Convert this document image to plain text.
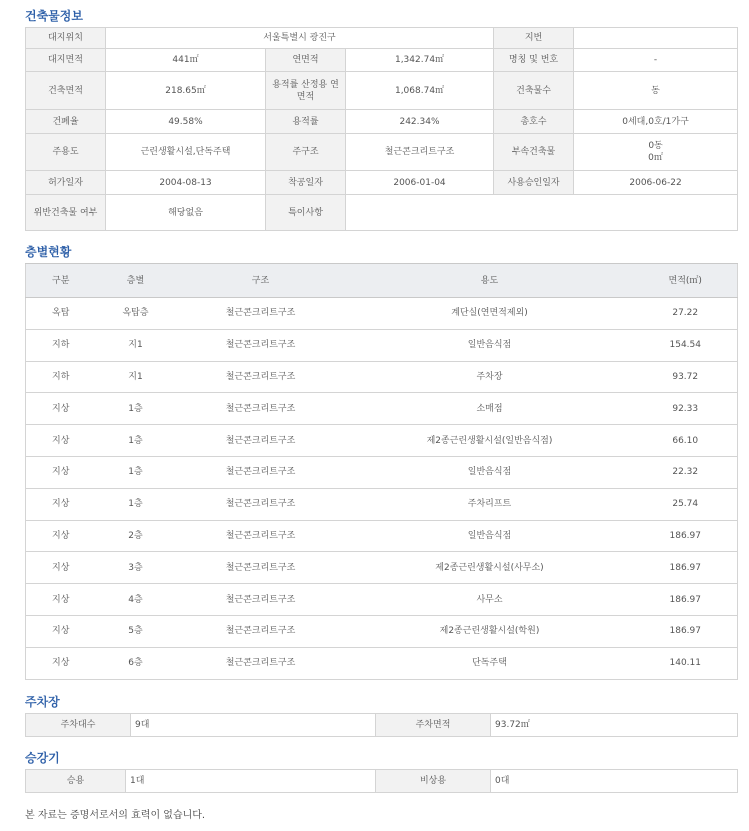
건축물정보
대지위치	서울특별시 광진구			지번	
대지면적	441㎡	연면적	1,342.74㎡	명칭 및 번호	-
건축면적	218.65㎡	용적률 산정용 연면적	1,068.74㎡	건축물수	동
건폐율	49.58%	용적률	242.34%	총호수	0세대,0호/1가구
주용도	근린생활시설,단독주택	주구조	철근콘크리트구조	부속건축물	0동
0㎡

허가일자	2004-08-13	착공일자	2006-01-04	사용승인일자	2006-06-22
위반건축물 여부	해당없음	특이사항			
층별현황
구분	층별	구조	용도	면적(㎡)
옥탑	옥탑층	철근콘크리트구조	계단실(연면적제외)	27.22
지하	지1	철근콘크리트구조	일반음식점	154.54
지하	지1	철근콘크리트구조	주차장	93.72
지상	1층	철근콘크리트구조	소매점	92.33
지상	1층	철근콘크리트구조	제2종근린생활시설(일반음식점)	66.10
지상	1층	철근콘크리트구조	일반음식점	22.32
지상	1층	철근콘크리트구조	주차리프트	25.74
지상	2층	철근콘크리트구조	일반음식점	186.97
지상	3층	철근콘크리트구조	제2종근린생활시설(사무소)	186.97
지상	4층	철근콘크리트구조	사무소	186.97
지상	5층	철근콘크리트구조	제2종근린생활시설(학원)	186.97
지상	6층	철근콘크리트구조	단독주택	140.11
주차장
주차대수	9대	주차면적	93.72㎡
승강기
승용	1대	비상용	0대
본 자료는 증명서로서의 효력이 없습니다.
